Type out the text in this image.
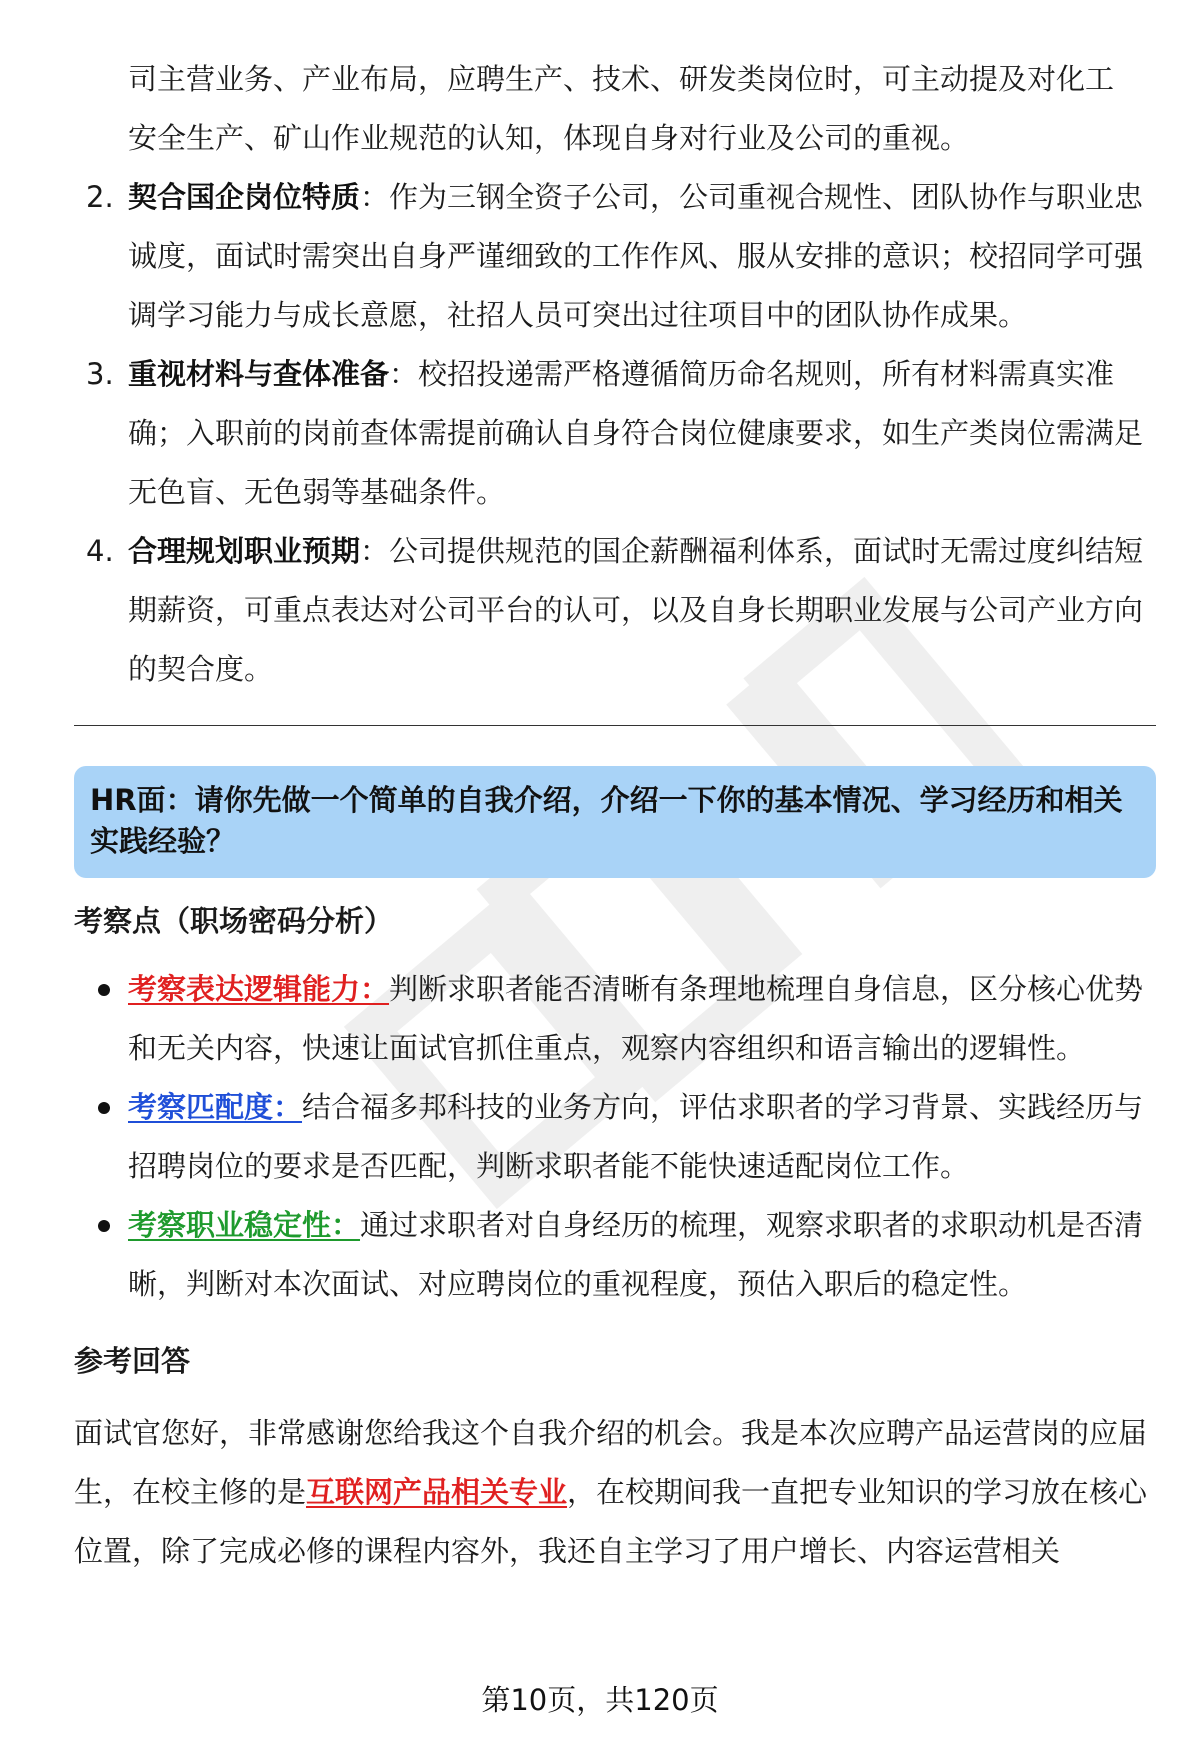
司主营业务、产业布局，应聘生产、技术、研发类岗位时，可主动提及对化工
安全生产、矿山作业规范的认知，体现自身对行业及公司的重视。
2. 契合国企岗位特质：作为三钢全资子公司，公司重视合规性、团队协作与职业忠诚度，面试时需突出自身严谨细致的工作作风、服从安排的意识；校招同学可强调学习能力与成长意愿，社招人员可突出过往项目中的团队协作成果。
3. 重视材料与查体准备：校招投递需严格遵循简历命名规则，所有材料需真实准确；入职前的岗前查体需提前确认自身符合岗位健康要求，如生产类岗位需满足无色盲、无色弱等基础条件。
4. 合理规划职业预期：公司提供规范的国企薪酬福利体系，面试时无需过度纠结短期薪资，可重点表达对公司平台的认可，以及自身长期职业发展与公司产业方向的契合度。
HR面：请你先做一个简单的自我介绍，介绍一下你的基本情况、学习经历和相关实践经验？
考察点（职场密码分析）
考察表达逻辑能力：判断求职者能否清晰有条理地梳理自身信息，区分核心优势和无关内容，快速让面试官抓住重点，观察内容组织和语言输出的逻辑性。
考察匹配度：结合福多邦科技的业务方向，评估求职者的学习背景、实践经历与招聘岗位的要求是否匹配，判断求职者能不能快速适配岗位工作。
考察职业稳定性：通过求职者对自身经历的梳理，观察求职者的求职动机是否清晰，判断对本次面试、对应聘岗位的重视程度，预估入职后的稳定性。
参考回答
面试官您好，非常感谢您给我这个自我介绍的机会。我是本次应聘产品运营岗的应届生，在校主修的是互联网产品相关专业，在校期间我一直把专业知识的学习放在核心位置，除了完成必修的课程内容外，我还自主学习了用户增长、内容运营相关
第10页，共120页
